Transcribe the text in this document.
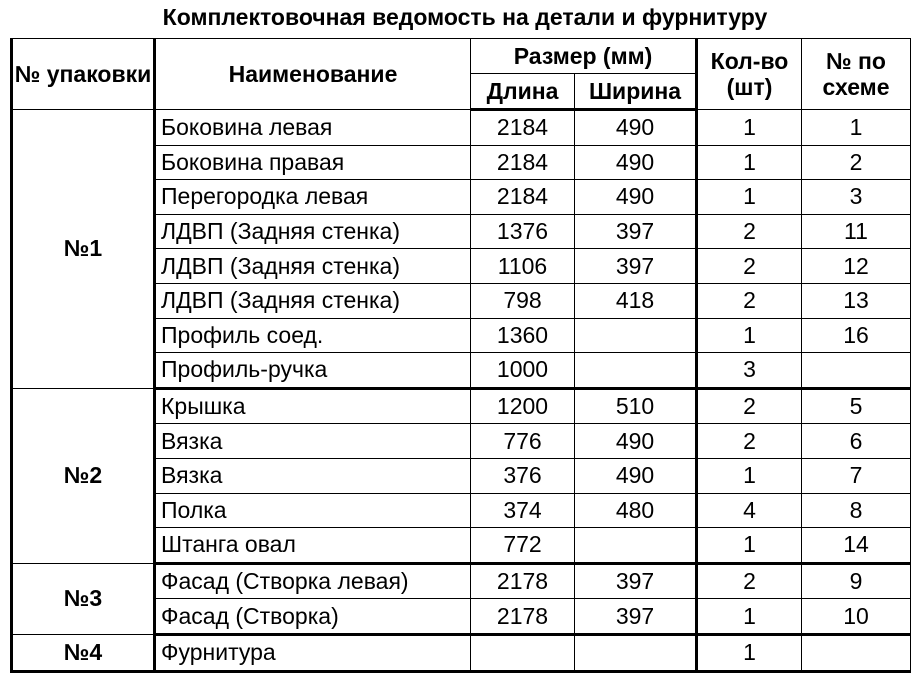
Комплектовочная ведомость на детали и фурнитуру
№ упаковки	Наименование	Размер (мм)		Кол-во (шт)	№ по схеме
		Длина	Ширина		
№1	Боковина левая	2184	490	1	1
	Боковина правая	2184	490	1	2
	Перегородка левая	2184	490	1	3
	ЛДВП (Задняя стенка)	1376	397	2	11
	ЛДВП (Задняя стенка)	1106	397	2	12
	ЛДВП (Задняя стенка)	798	418	2	13
	Профиль соед.	1360		1	16
	Профиль-ручка	1000		3	
№2	Крышка	1200	510	2	5
	Вязка	776	490	2	6
	Вязка	376	490	1	7
	Полка	374	480	4	8
	Штанга овал	772		1	14
№3	Фасад (Створка левая)	2178	397	2	9
	Фасад (Створка)	2178	397	1	10
№4	Фурнитура			1	
